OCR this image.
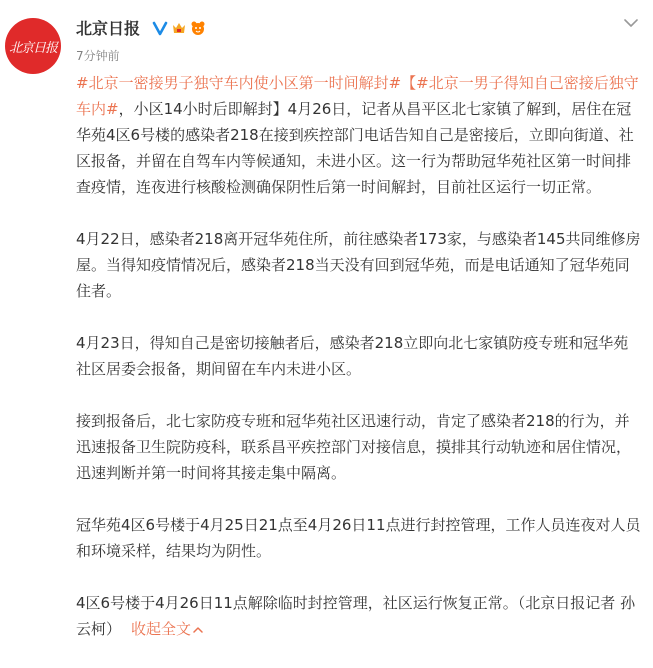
北京日报
北京日报
7分钟前

#北京一密接男子独守车内使小区第一时间解封#【#北京一男子得知自己密接后独守车内#，小区14小时后即解封】4月26日，记者从昌平区北七家镇了解到，居住在冠华苑4区6号楼的感染者218在接到疾控部门电话告知自己是密接后，立即向街道、社区报备，并留在自驾车内等候通知，未进小区。这一行为帮助冠华苑社区第一时间排查疫情，连夜进行核酸检测确保阴性后第一时间解封，目前社区运行一切正常。

4月22日，感染者218离开冠华苑住所，前往感染者173家，与感染者145共同维修房屋。当得知疫情情况后，感染者218当天没有回到冠华苑，而是电话通知了冠华苑同住者。

4月23日，得知自己是密切接触者后，感染者218立即向北七家镇防疫专班和冠华苑社区居委会报备，期间留在车内未进小区。

接到报备后，北七家防疫专班和冠华苑社区迅速行动，肯定了感染者218的行为，并迅速报备卫生院防疫科，联系昌平疾控部门对接信息，摸排其行动轨迹和居住情况，迅速判断并第一时间将其接走集中隔离。

冠华苑4区6号楼于4月25日21点至4月26日11点进行封控管理，工作人员连夜对人员和环境采样，结果均为阴性。

4区6号楼于4月26日11点解除临时封控管理，社区运行恢复正常。（北京日报记者 孙云柯） 收起全文
